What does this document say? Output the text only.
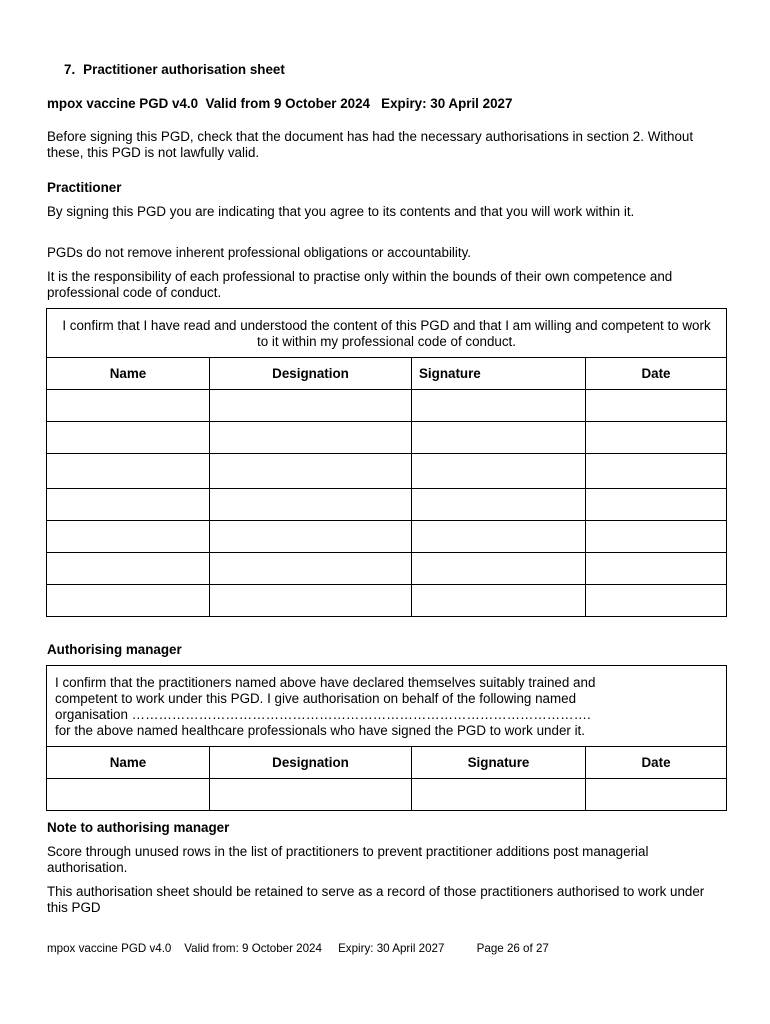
7. Practitioner authorisation sheet
mpox vaccine PGD v4.0  Valid from 9 October 2024   Expiry: 30 April 2027
Before signing this PGD, check that the document has had the necessary authorisations in section 2. Without these, this PGD is not lawfully valid.
Practitioner
By signing this PGD you are indicating that you agree to its contents and that you will work within it.
PGDs do not remove inherent professional obligations or accountability.
It is the responsibility of each professional to practise only within the bounds of their own competence and professional code of conduct.
I confirm that I have read and understood the content of this PGD and that I am willing and competent to work to it within my professional code of conduct.			
Name	Designation	Signature	Date

Authorising manager
I confirm that the practitioners named above have declared themselves suitably trained and
competent to work under this PGD. I give authorisation on behalf of the following named
organisation ………………………………………………………………………………………….
for the above named healthcare professionals who have signed the PGD to work under it.			

Name	Designation	Signature	Date

Note to authorising manager
Score through unused rows in the list of practitioners to prevent practitioner additions post managerial authorisation.
This authorisation sheet should be retained to serve as a record of those practitioners authorised to work under this PGD
mpox vaccine PGD v4.0 Valid from: 9 October 2024 Expiry: 30 April 2027	Page 26 of 27
